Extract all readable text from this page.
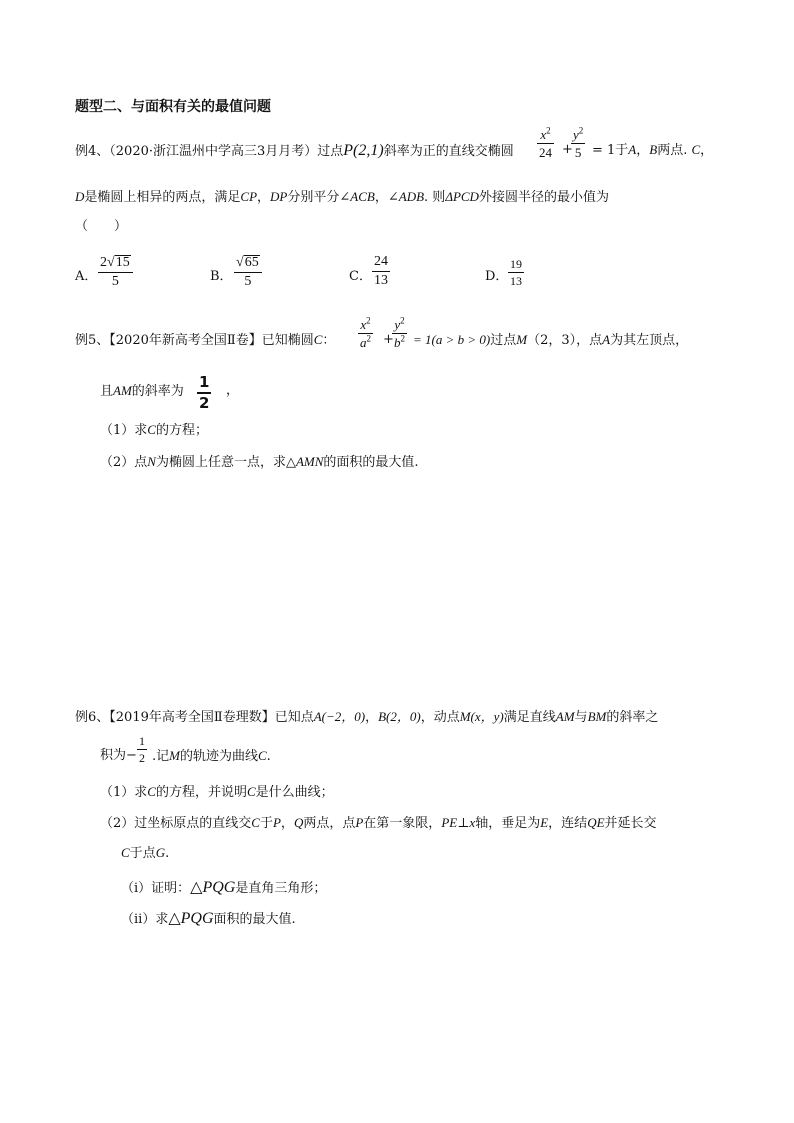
题型二、与面积有关的最值问题
例4、（2020·浙江温州中学高三3月月考）过点P(2,1)斜率为正的直线交椭圆
$x^2$
24 +
$y^2$
5 = 1于A，B两点. C，
D是椭圆上相异的两点，满足CP，DP分别平分∠ACB，∠ADB. 则ΔPCD外接圆半径的最小值为
（　　）
A．
2√15
5	B．
√65
5	C．
24
13	D．
19
13
例5、【2020年新高考全国Ⅱ卷】已知椭圆C：
$x^2$
$a^2$ +
$y^2$
$b^2 = 1(a > b > 0)$过点M（2，3），点A为其左顶点，
且AM的斜率为
1
2
，
（1）求C的方程；
（2）点N为椭圆上任意一点，求△AMN的面积的最大值.
例6、【2019年高考全国Ⅱ卷理数】已知点A(−2，0)，B(2，0)，动点M(x，y)满足直线AM与BM的斜率之
积为−
1
2 .记M的轨迹为曲线C.
（1）求C的方程，并说明C是什么曲线；
（2）过坐标原点的直线交C于P，Q两点，点P在第一象限，PE⊥x轴，垂足为E，连结QE并延长交
C于点G.
（i）证明：△PQG是直角三角形；
（ii）求△PQG面积的最大值.
